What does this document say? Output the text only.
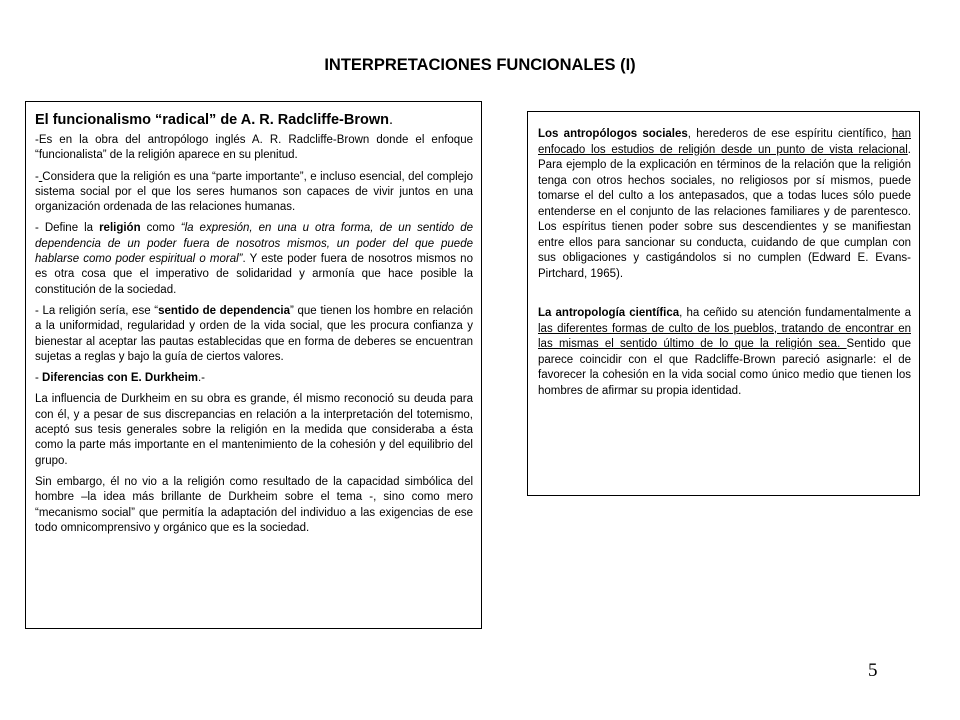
INTERPRETACIONES FUNCIONALES (I)

El funcionalismo “radical” de A. R. Radcliffe-Brown.

-Es en la obra del antropólogo inglés A. R. Radcliffe-Brown donde el enfoque “funcionalista” de la religión aparece en su plenitud.

- Considera que la religión es una “parte importante”, e incluso esencial, del complejo sistema social por el que los seres humanos son capaces de vivir juntos en una organización ordenada de las relaciones humanas.

- Define la religión como “la expresión, en una u otra forma, de un sentido de dependencia de un poder fuera de nosotros mismos, un poder del que puede hablarse como poder espiritual o moral”. Y este poder fuera de nosotros mismos no es otra cosa que el imperativo de solidaridad y armonía que hace posible la constitución de la sociedad.

- La religión sería, ese “sentido de dependencia” que tienen los hombre en relación a la uniformidad, regularidad y orden de la vida social, que les procura confianza y bienestar al aceptar las pautas establecidas que en forma de deberes se encuentran sujetas a reglas y bajo la guía de ciertos valores.

- Diferencias con E. Durkheim.-

La influencia de Durkheim en su obra es grande, él mismo reconoció su deuda para con él, y a pesar de sus discrepancias en relación a la interpretación del totemismo, aceptó sus tesis generales sobre la religión en la medida que consideraba a ésta como la parte más importante en el mantenimiento de la cohesión y del equilibrio del grupo.

Sin embargo, él no vio a la religión como resultado de la capacidad simbólica del hombre –la idea más brillante de Durkheim sobre el tema -, sino como mero “mecanismo social” que permitía la adaptación del individuo a las exigencias de ese todo omnicomprensivo y orgánico que es la sociedad.

Los antropólogos sociales, herederos de ese espíritu científico, han enfocado los estudios de religión desde un punto de vista relacional. Para ejemplo de la explicación en términos de la relación que la religión tenga con otros hechos sociales, no religiosos por sí mismos, puede tomarse el del culto a los antepasados, que a todas luces sólo puede entenderse en el conjunto de las relaciones familiares y de parentesco. Los espíritus tienen poder sobre sus descendientes y se manifiestan entre ellos para sancionar su conducta, cuidando de que cumplan con sus obligaciones y castigándolos si no cumplen (Edward E. Evans-Pirtchard, 1965).

La antropología científica, ha ceñido su atención fundamentalmente a las diferentes formas de culto de los pueblos, tratando de encontrar en las mismas el sentido último de lo que la religión sea. Sentido que parece coincidir con el que Radcliffe-Brown pareció asignarle: el de favorecer la cohesión en la vida social como único medio que tienen los hombres de afirmar su propia identidad.

5
